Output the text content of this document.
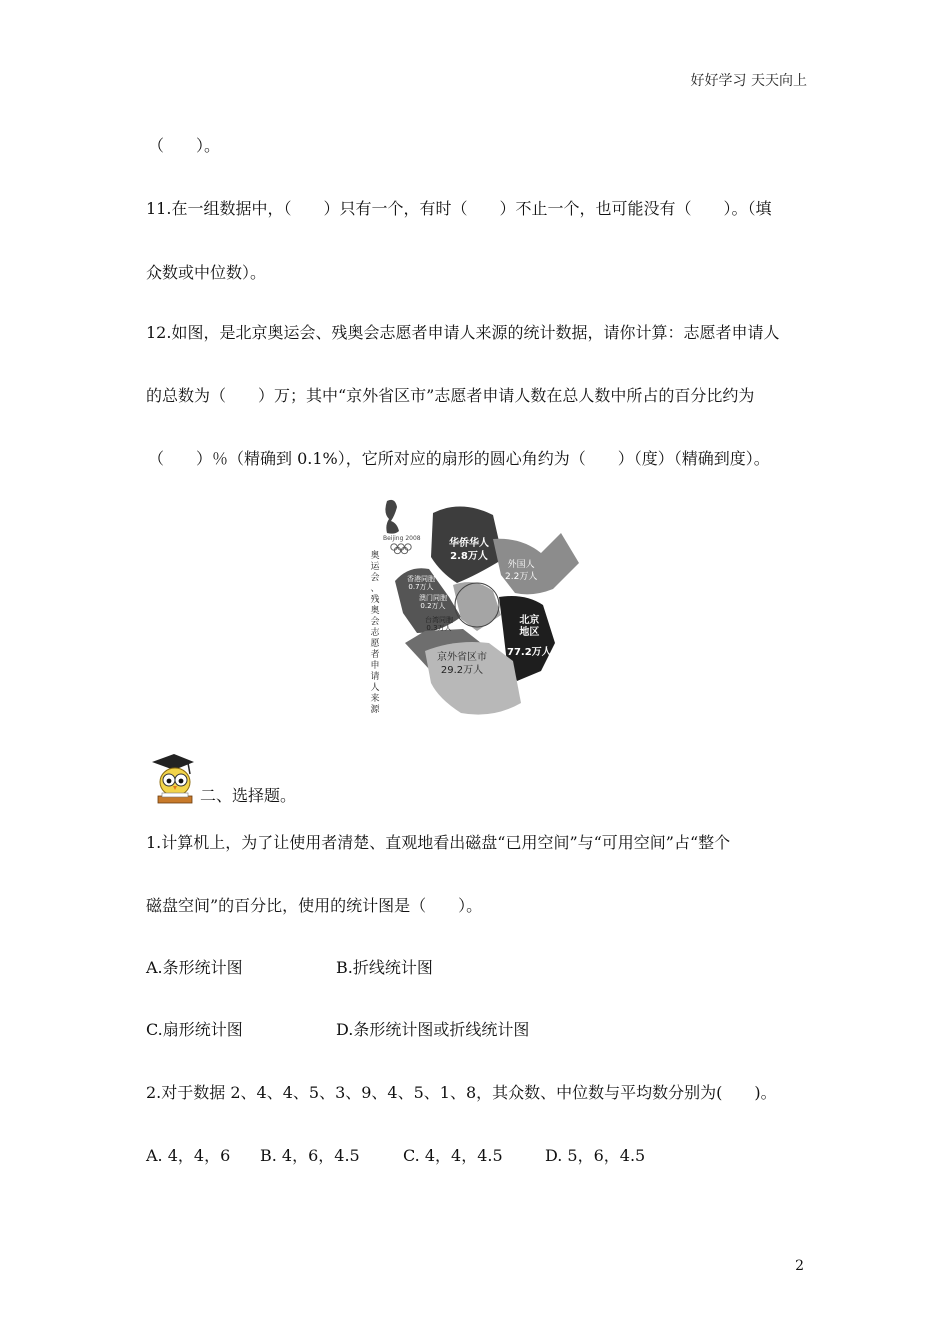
好好学习 天天向上
（　　）。
11.在一组数据中，（　　）只有一个，有时（　　）不止一个，也可能没有（　　）。（填
众数或中位数）。
12.如图，是北京奥运会、残奥会志愿者申请人来源的统计数据，请你计算：志愿者申请人
的总数为（　　）万；其中“京外省区市”志愿者申请人数在总人数中所占的百分比约为
（　　）％（精确到 0.1%），它所对应的扇形的圆心角约为（　　）（度）（精确到度）。
Beijing 2008
奥
运
会
、
残
奥
会
志
愿
者
申
请
人
来
源
华侨华人
2.8万人
外国人
2.2万人
香港同胞
0.7万人
澳门同胞
0.2万人
台湾同胞
0.3万人
北京
地区
77.2万人
京外省区市
29.2万人
二、选择题。
1.计算机上，为了让使用者清楚、直观地看出磁盘“已用空间”与“可用空间”占“整个
磁盘空间”的百分比，使用的统计图是（　　）。
A.条形统计图	B.折线统计图
C.扇形统计图	D.条形统计图或折线统计图
2.对于数据 2、4、4、5、3、9、4、5、1、8，其众数、中位数与平均数分别为(　　)。
A. 4，4，6 B. 4，6，4.5	C. 4，4，4.5	D. 5，6，4.5
2
